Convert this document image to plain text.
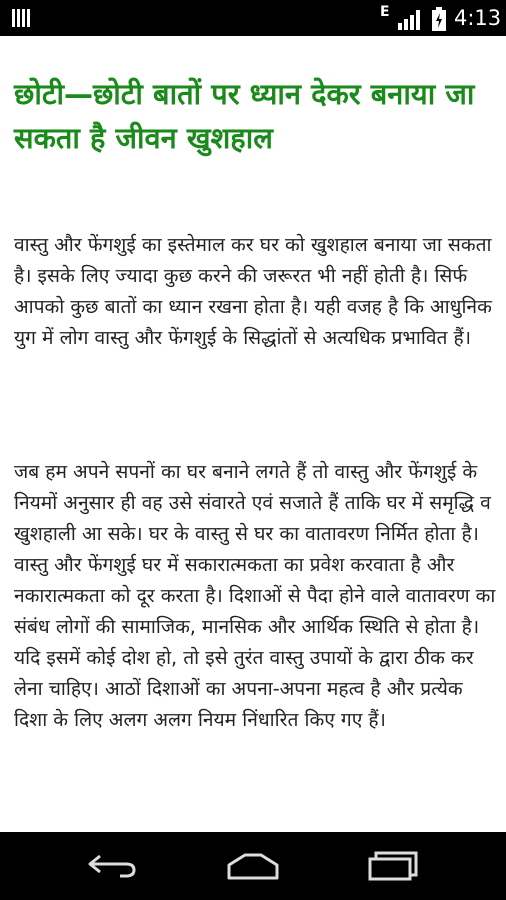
E	4:13
छोटी—छोटी बातों पर ध्यान देकर बनाया जा सकता है जीवन खुशहाल

वास्तु और फेंगशुई का इस्तेमाल कर घर को खुशहाल बनाया जा सकता है। इसके लिए ज्यादा कुछ करने की जरूरत भी नहीं होती है। सिर्फ आपको कुछ बातों का ध्यान रखना होता है। यही वजह है कि आधुनिक युग में लोग वास्तु और फेंगशुई के सिद्धांतों से अत्यधिक प्रभावित हैं।

जब हम अपने सपनों का घर बनाने लगते हैं तो वास्तु और फेंगशुई के नियमों अनुसार ही वह उसे संवारते एवं सजाते हैं ताकि घर में समृद्धि व खुशहाली आ सके। घर के वास्तु से घर का वातावरण निर्मित होता है। वास्तु और फेंगशुई घर में सकारात्मकता का प्रवेश करवाता है और नकारात्मकता को दूर करता है। दिशाओं से पैदा होने वाले वातावरण का संबंध लोगों की सामाजिक, मानसिक और आर्थिक स्थिति से होता है। यदि इसमें कोई दोश हो, तो इसे तुरंत वास्तु उपायों के द्वारा ठीक कर लेना चाहिए। आठों दिशाओं का अपना-अपना महत्व है और प्रत्येक दिशा के लिए अलग अलग नियम निंधारित किए गए हैं।
